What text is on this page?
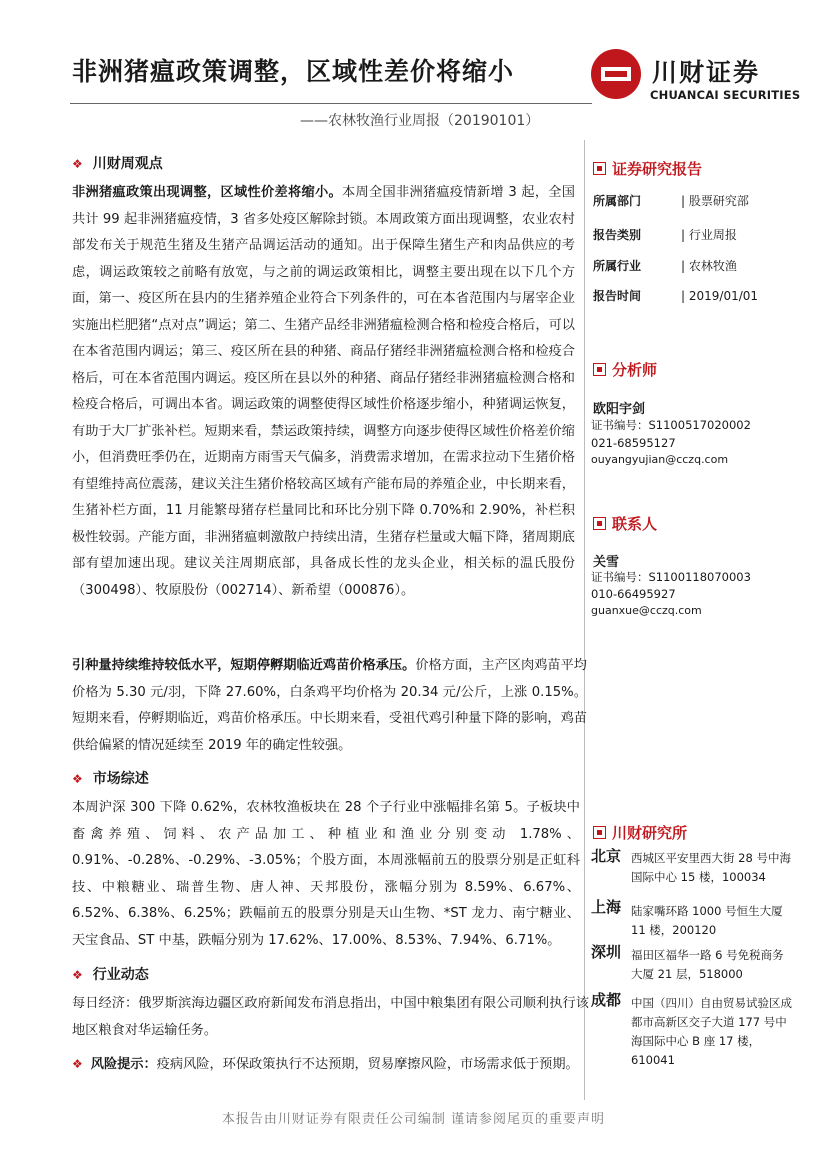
非洲猪瘟政策调整，区域性差价将缩小
——农林牧渔行业周报（20190101）
川财证券
CHUANCAI SECURITIES
❖ 川财周观点
非洲猪瘟政策出现调整，区域性价差将缩小。本周全国非洲猪瘟疫情新增 3 起，全国共计 99 起非洲猪瘟疫情，3 省多处疫区解除封锁。本周政策方面出现调整，农业农村部发布关于规范生猪及生猪产品调运活动的通知。出于保障生猪生产和肉品供应的考虑，调运政策较之前略有放宽，与之前的调运政策相比，调整主要出现在以下几个方面，第一、疫区所在县内的生猪养殖企业符合下列条件的，可在本省范围内与屠宰企业实施出栏肥猪“点对点”调运；第二、生猪产品经非洲猪瘟检测合格和检疫合格后，可以在本省范围内调运；第三、疫区所在县的种猪、商品仔猪经非洲猪瘟检测合格和检疫合格后，可在本省范围内调运。疫区所在县以外的种猪、商品仔猪经非洲猪瘟检测合格和检疫合格后，可调出本省。调运政策的调整使得区域性价格逐步缩小，种猪调运恢复，有助于大厂扩张补栏。短期来看，禁运政策持续，调整方向逐步使得区域性价格差价缩小，但消费旺季仍在，近期南方雨雪天气偏多，消费需求增加，在需求拉动下生猪价格有望维持高位震荡，建议关注生猪价格较高区域有产能布局的养殖企业，中长期来看，生猪补栏方面，11 月能繁母猪存栏量同比和环比分别下降 0.70%和 2.90%，补栏积极性较弱。产能方面，非洲猪瘟刺激散户持续出清，生猪存栏量或大幅下降，猪周期底部有望加速出现。建议关注周期底部，具备成长性的龙头企业，相关标的温氏股份（300498）、牧原股份（002714）、新希望（000876）。
引种量持续维持较低水平，短期停孵期临近鸡苗价格承压。价格方面，主产区肉鸡苗平均价格为 5.30 元/羽，下降 27.60%，白条鸡平均价格为 20.34 元/公斤，上涨 0.15%。短期来看，停孵期临近，鸡苗价格承压。中长期来看，受祖代鸡引种量下降的影响，鸡苗供给偏紧的情况延续至 2019 年的确定性较强。
❖ 市场综述
本周沪深 300 下降 0.62%，农林牧渔板块在 28 个子行业中涨幅排名第 5。子板块中畜禽养殖、饲料、农产品加工、种植业和渔业分别变动 1.78%、0.91%、-0.28%、-0.29%、-3.05%；个股方面，本周涨幅前五的股票分别是正虹科技、中粮糖业、瑞普生物、唐人神、天邦股份，涨幅分别为 8.59%、6.67%、6.52%、6.38%、6.25%；跌幅前五的股票分别是天山生物、*ST 龙力、南宁糖业、天宝食品、ST 中基，跌幅分别为 17.62%、17.00%、8.53%、7.94%、6.71%。
❖ 行业动态
每日经济：俄罗斯滨海边疆区政府新闻发布消息指出，中国中粮集团有限公司顺利执行该地区粮食对华运输任务。
❖ 风险提示：疫病风险，环保政策执行不达预期，贸易摩擦风险，市场需求低于预期。
证券研究报告
所属部门	| 股票研究部
报告类别	| 行业周报
所属行业	| 农林牧渔
报告时间	| 2019/01/01
分析师
欧阳宇剑
证书编号：S1100517020002
021-68595127
ouyangyujian@cczq.com
联系人
关雪
证书编号：S1100118070003
010-66495927
guanxue@cczq.com
川财研究所
北京 西城区平安里西大街 28 号中海国际中心 15 楼，100034
上海 陆家嘴环路 1000 号恒生大厦 11 楼，200120
深圳 福田区福华一路 6 号免税商务大厦 21 层，518000
成都 中国（四川）自由贸易试验区成都市高新区交子大道 177 号中海国际中心 B 座 17 楼，610041
本报告由川财证券有限责任公司编制 谨请参阅尾页的重要声明
